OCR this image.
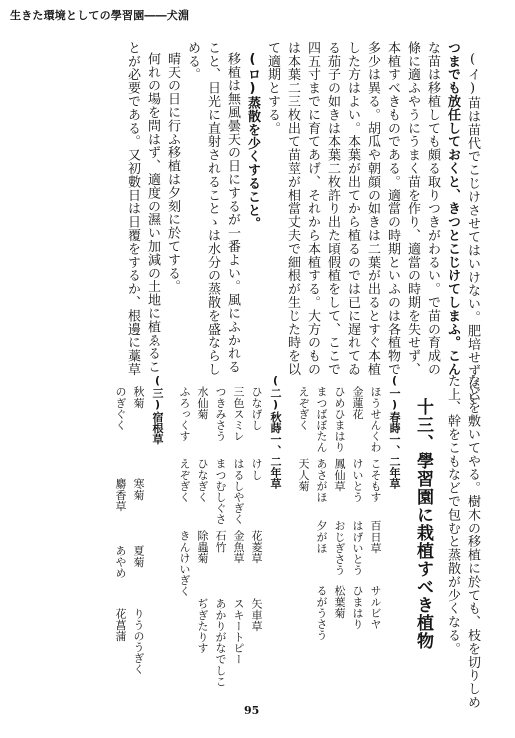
生きた環境としての學習園――犬淵
(イ)苗は苗代でこじけさせてはいけない。肥培せずにい
つまでも放任しておくと、きつとこじけてしまふ。こん
な苗は移植しても頗る取りつきがわるい。で苗の育成の
條に適ふやうにうまく苗を作り、適當の時期を失せず、
本植すべきものである。適當の時期といふのは各植物で
多少は異る。胡瓜や朝顔の如きは二葉が出るとすぐ本植
した方はよい。本葉が出てから植るのでは已に遅れてゐ
る茄子の如きは本葉二枚許り出た頃假植をして、ここで
四五寸までに育てあげ、それから本植する。大方のもの
は本葉二三枚出て苗莖が相當丈夫で細根が生じた時を以
て適期とする。
(ロ)蒸散を少くすること。
移植は無風曇天の日にするが一番よい。風にふかれる
こと、日光に直射されることゝは水分の蒸散を盛ならし
める。
晴天の日に行ふ移植は夕刻に於てする。
何れの場を問はず、適度の濕い加減の土地に植ゑるこ
とが必要である。又初數日は日覆をするか、根邊に藁草
などを敷いてやる。樹木の移植に於ても、枝を切りしめ
た上、幹をこもなどで包むと蒸散が少くなる。
十三、學習園に栽植すべき植物
(一)春蒔一、二年草
ほうせんくわ
金蓮花
ひめひまはり
まつばぼたん
えぞぎく
こそもす
けいとう
鳳仙草
あさがほ
天人菊
百日草
はげいとう
おじぎさう
夕がほ
サルビヤ
ひまはり
松葉菊
るがうさう
(二)秋蒔一、二年草
ひなげし
三色スミレ
つきみさう
水仙菊
ふろっくす
けし
はるしやぎく
まつむしぐさ
ひなぎく
えぞぎく
花菱草
金魚草
石竹
除蟲菊
きんけいぎく
矢車草
スキートピー
あかりがなでしこ
ぢぎたりす
(三)宿根草
秋菊
のぎぐく
寒菊
麝香草
夏菊
あやめ
りうのうぎく
花菖蒲
95
